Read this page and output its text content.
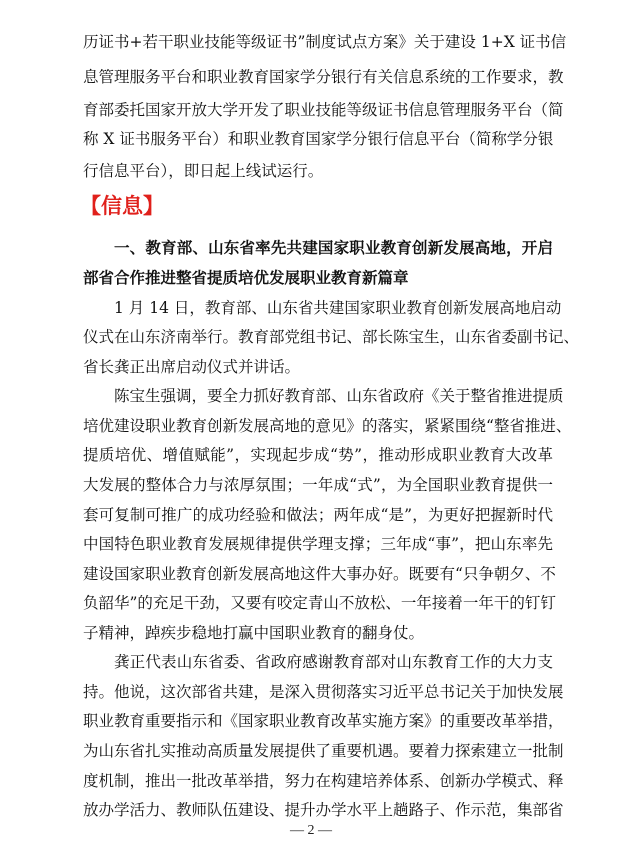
历证书+若干职业技能等级证书”制度试点方案》关于建设 1+X 证书信
息管理服务平台和职业教育国家学分银行有关信息系统的工作要求，教
育部委托国家开放大学开发了职业技能等级证书信息管理服务平台（简
称 X 证书服务平台）和职业教育国家学分银行信息平台（简称学分银
行信息平台），即日起上线试运行。
【信息】
一、教育部、山东省率先共建国家职业教育创新发展高地，开启
部省合作推进整省提质培优发展职业教育新篇章
1 月 14 日，教育部、山东省共建国家职业教育创新发展高地启动
仪式在山东济南举行。教育部党组书记、部长陈宝生，山东省委副书记、
省长龚正出席启动仪式并讲话。
陈宝生强调，要全力抓好教育部、山东省政府《关于整省推进提质
培优建设职业教育创新发展高地的意见》的落实，紧紧围绕“整省推进、
提质培优、增值赋能”，实现起步成“势”，推动形成职业教育大改革
大发展的整体合力与浓厚氛围；一年成“式”，为全国职业教育提供一
套可复制可推广的成功经验和做法；两年成“是”，为更好把握新时代
中国特色职业教育发展规律提供学理支撑；三年成“事”，把山东率先
建设国家职业教育创新发展高地这件大事办好。既要有“只争朝夕、不
负韶华”的充足干劲，又要有咬定青山不放松、一年接着一年干的钉钉
子精神，踔疾步稳地打赢中国职业教育的翻身仗。
龚正代表山东省委、省政府感谢教育部对山东教育工作的大力支
持。他说，这次部省共建，是深入贯彻落实习近平总书记关于加快发展
职业教育重要指示和《国家职业教育改革实施方案》的重要改革举措，
为山东省扎实推动高质量发展提供了重要机遇。要着力探索建立一批制
度机制，推出一批改革举措，努力在构建培养体系、创新办学模式、释
放办学活力、教师队伍建设、提升办学水平上趟路子、作示范，集部省
— 2 —
